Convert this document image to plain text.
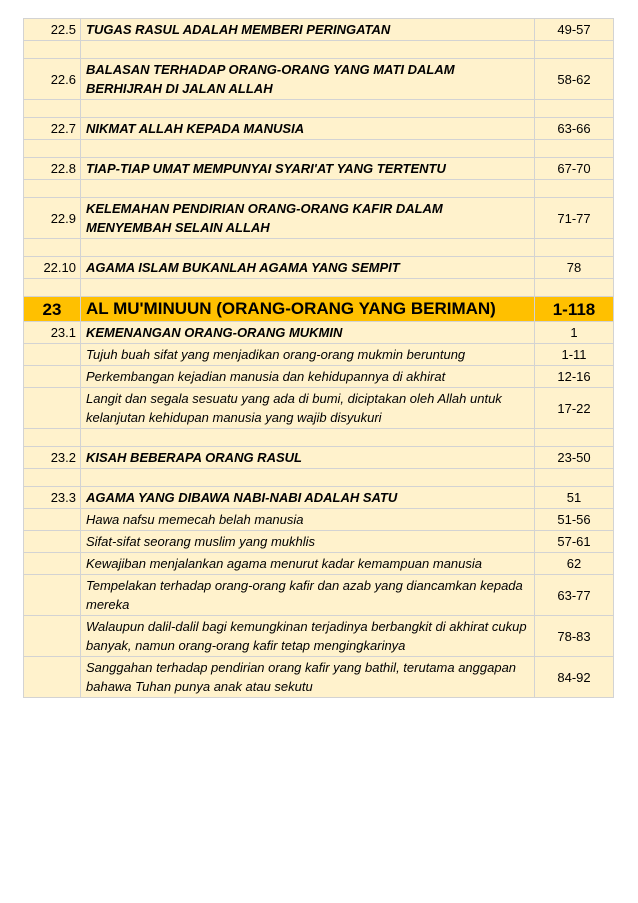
22.5	TUGAS RASUL ADALAH MEMBERI PERINGATAN	49-57

22.6	BALASAN TERHADAP ORANG-ORANG YANG MATI DALAM BERHIJRAH DI JALAN ALLAH	58-62

22.7	NIKMAT ALLAH KEPADA MANUSIA	63-66

22.8	TIAP-TIAP UMAT MEMPUNYAI SYARI'AT YANG TERTENTU	67-70

22.9	KELEMAHAN PENDIRIAN ORANG-ORANG KAFIR DALAM MENYEMBAH SELAIN ALLAH	71-77

22.10	AGAMA ISLAM BUKANLAH AGAMA YANG SEMPIT	78

23	AL MU'MINUUN (ORANG-ORANG YANG BERIMAN)	1-118
23.1	KEMENANGAN ORANG-ORANG MUKMIN	1
	Tujuh buah sifat yang menjadikan orang-orang mukmin beruntung	1-11
	Perkembangan kejadian manusia dan kehidupannya di akhirat	12-16
	Langit dan segala sesuatu yang ada di bumi, diciptakan oleh Allah untuk kelanjutan kehidupan manusia yang wajib disyukuri	17-22

23.2	KISAH BEBERAPA ORANG RASUL	23-50

23.3	AGAMA YANG DIBAWA NABI-NABI ADALAH SATU	51
	Hawa nafsu memecah belah manusia	51-56
	Sifat-sifat seorang muslim yang mukhlis	57-61
	Kewajiban menjalankan agama menurut kadar kemampuan manusia	62
	Tempelakan terhadap orang-orang kafir dan azab yang diancamkan kepada mereka	63-77
	Walaupun dalil-dalil bagi kemungkinan terjadinya berbangkit di akhirat cukup banyak, namun orang-orang kafir tetap mengingkarinya	78-83
	Sanggahan terhadap pendirian orang kafir yang bathil, terutama anggapan bahawa Tuhan punya anak atau sekutu	84-92
